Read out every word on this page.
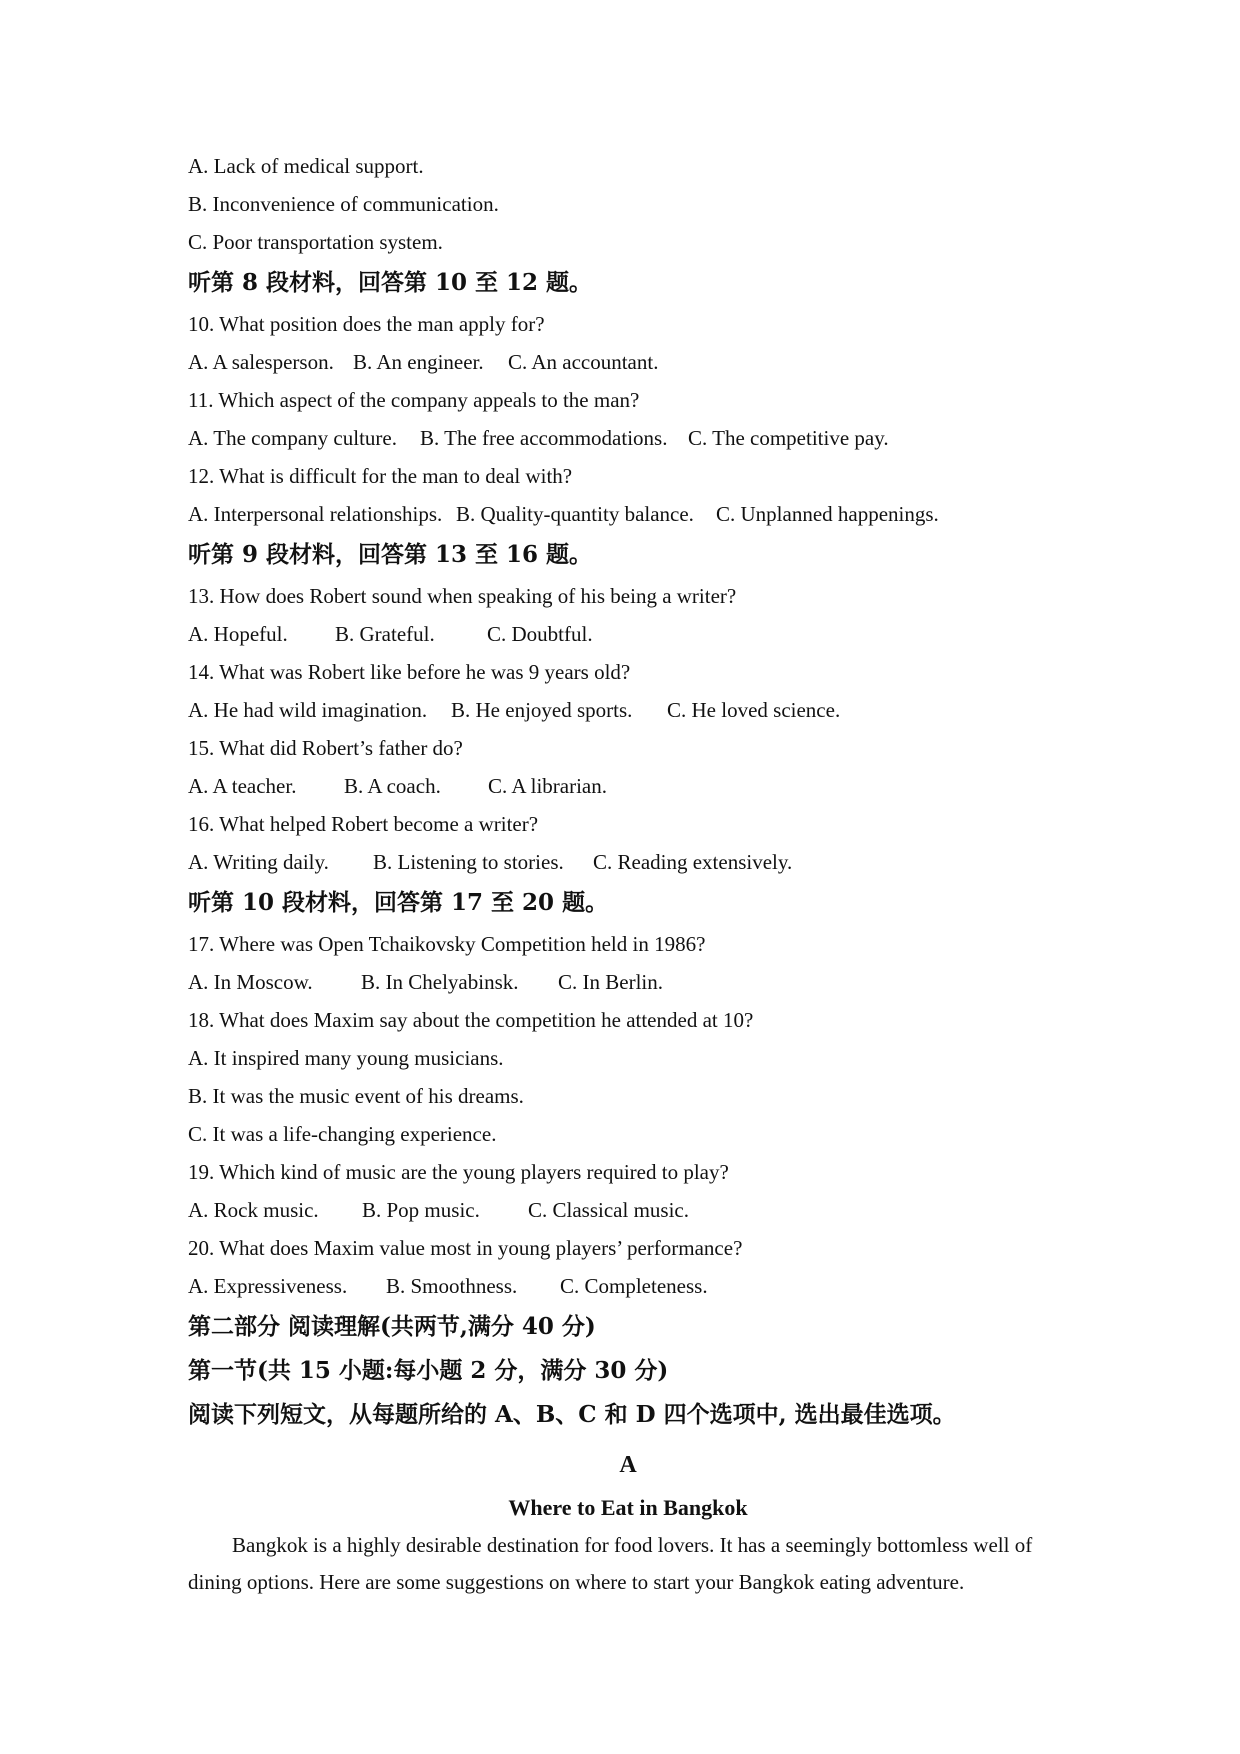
A. Lack of medical support.
B. Inconvenience of communication.
C. Poor transportation system.
听第 8 段材料，回答第 10 至 12 题。
10. What position does the man apply for?
A. A salesperson. B. An engineer. C. An accountant.
11. Which aspect of the company appeals to the man?
A. The company culture. B. The free accommodations. C. The competitive pay.
12. What is difficult for the man to deal with?
A. Interpersonal relationships. B. Quality-quantity balance. C. Unplanned happenings.
听第 9 段材料，回答第 13 至 16 题。
13. How does Robert sound when speaking of his being a writer?
A. Hopeful. B. Grateful. C. Doubtful.
14. What was Robert like before he was 9 years old?
A. He had wild imagination. B. He enjoyed sports. C. He loved science.
15. What did Robert’s father do?
A. A teacher. B. A coach. C. A librarian.
16. What helped Robert become a writer?
A. Writing daily. B. Listening to stories. C. Reading extensively.
听第 10 段材料，回答第 17 至 20 题。
17. Where was Open Tchaikovsky Competition held in 1986?
A. In Moscow. B. In Chelyabinsk. C. In Berlin.
18. What does Maxim say about the competition he attended at 10?
A. It inspired many young musicians.
B. It was the music event of his dreams.
C. It was a life-changing experience.
19. Which kind of music are the young players required to play?
A. Rock music. B. Pop music. C. Classical music.
20. What does Maxim value most in young players’ performance?
A. Expressiveness. B. Smoothness. C. Completeness.
第二部分 阅读理解(共两节,满分 40 分)
第一节(共 15 小题:每小题 2 分，满分 30 分)
阅读下列短文，从每题所给的 A、B、C 和 D 四个选项中, 选出最佳选项。
A
Where to Eat in Bangkok
Bangkok is a highly desirable destination for food lovers. It has a seemingly bottomless well of dining options. Here are some suggestions on where to start your Bangkok eating adventure.
